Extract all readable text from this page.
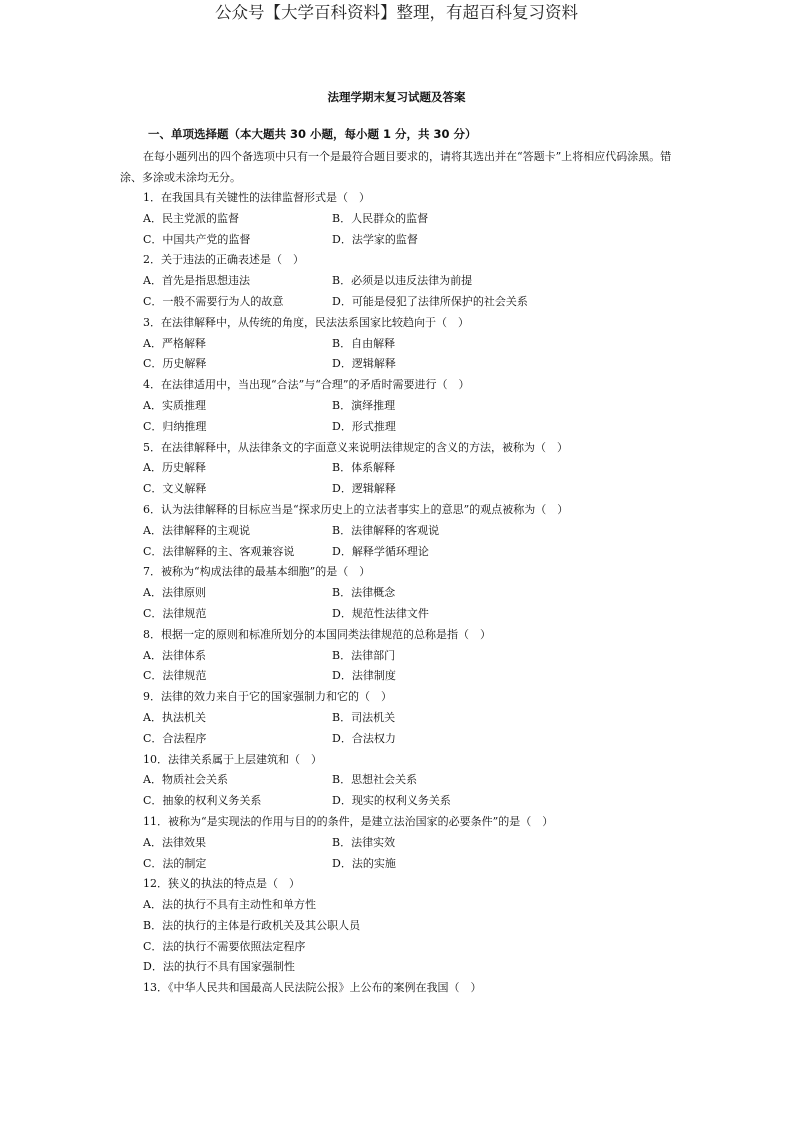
公众号【大学百科资料】整理，有超百科复习资料
法理学期末复习试题及答案
一、单项选择题（本大题共 30 小题，每小题 1 分，共 30 分）

在每小题列出的四个备选项中只有一个是最符合题目要求的，请将其选出并在“答题卡”上将相应代码涂黑。错涂、多涂或未涂均无分。

1．在我国具有关键性的法律监督形式是（　）
A．民主党派的监督	B．人民群众的监督
C．中国共产党的监督	D．法学家的监督
2．关于违法的正确表述是（　）
A．首先是指思想违法	B．必须是以违反法律为前提
C．一般不需要行为人的故意	D．可能是侵犯了法律所保护的社会关系
3．在法律解释中，从传统的角度，民法法系国家比较趋向于（　）
A．严格解释	B．自由解释
C．历史解释	D．逻辑解释
4．在法律适用中，当出现“合法”与“合理”的矛盾时需要进行（　）
A．实质推理	B．演绎推理
C．归纳推理	D．形式推理
5．在法律解释中，从法律条文的字面意义来说明法律规定的含义的方法，被称为（　）
A．历史解释	B．体系解释
C．文义解释	D．逻辑解释
6．认为法律解释的目标应当是“探求历史上的立法者事实上的意思”的观点被称为（　）
A．法律解释的主观说	B．法律解释的客观说
C．法律解释的主、客观兼容说	D．解释学循环理论
7．被称为“构成法律的最基本细胞”的是（　）
A．法律原则	B．法律概念
C．法律规范	D．规范性法律文件
8．根据一定的原则和标准所划分的本国同类法律规范的总称是指（　）
A．法律体系	B．法律部门
C．法律规范	D．法律制度
9．法律的效力来自于它的国家强制力和它的（　）
A．执法机关	B．司法机关
C．合法程序	D．合法权力
10．法律关系属于上层建筑和（　）
A．物质社会关系	B．思想社会关系
C．抽象的权利义务关系	D．现实的权利义务关系
11．被称为“是实现法的作用与目的的条件，是建立法治国家的必要条件”的是（　）
A．法律效果	B．法律实效
C．法的制定	D．法的实施
12．狭义的执法的特点是（　）
A．法的执行不具有主动性和单方性
B．法的执行的主体是行政机关及其公职人员
C．法的执行不需要依照法定程序
D．法的执行不具有国家强制性
13．《中华人民共和国最高人民法院公报》上公布的案例在我国（　）
